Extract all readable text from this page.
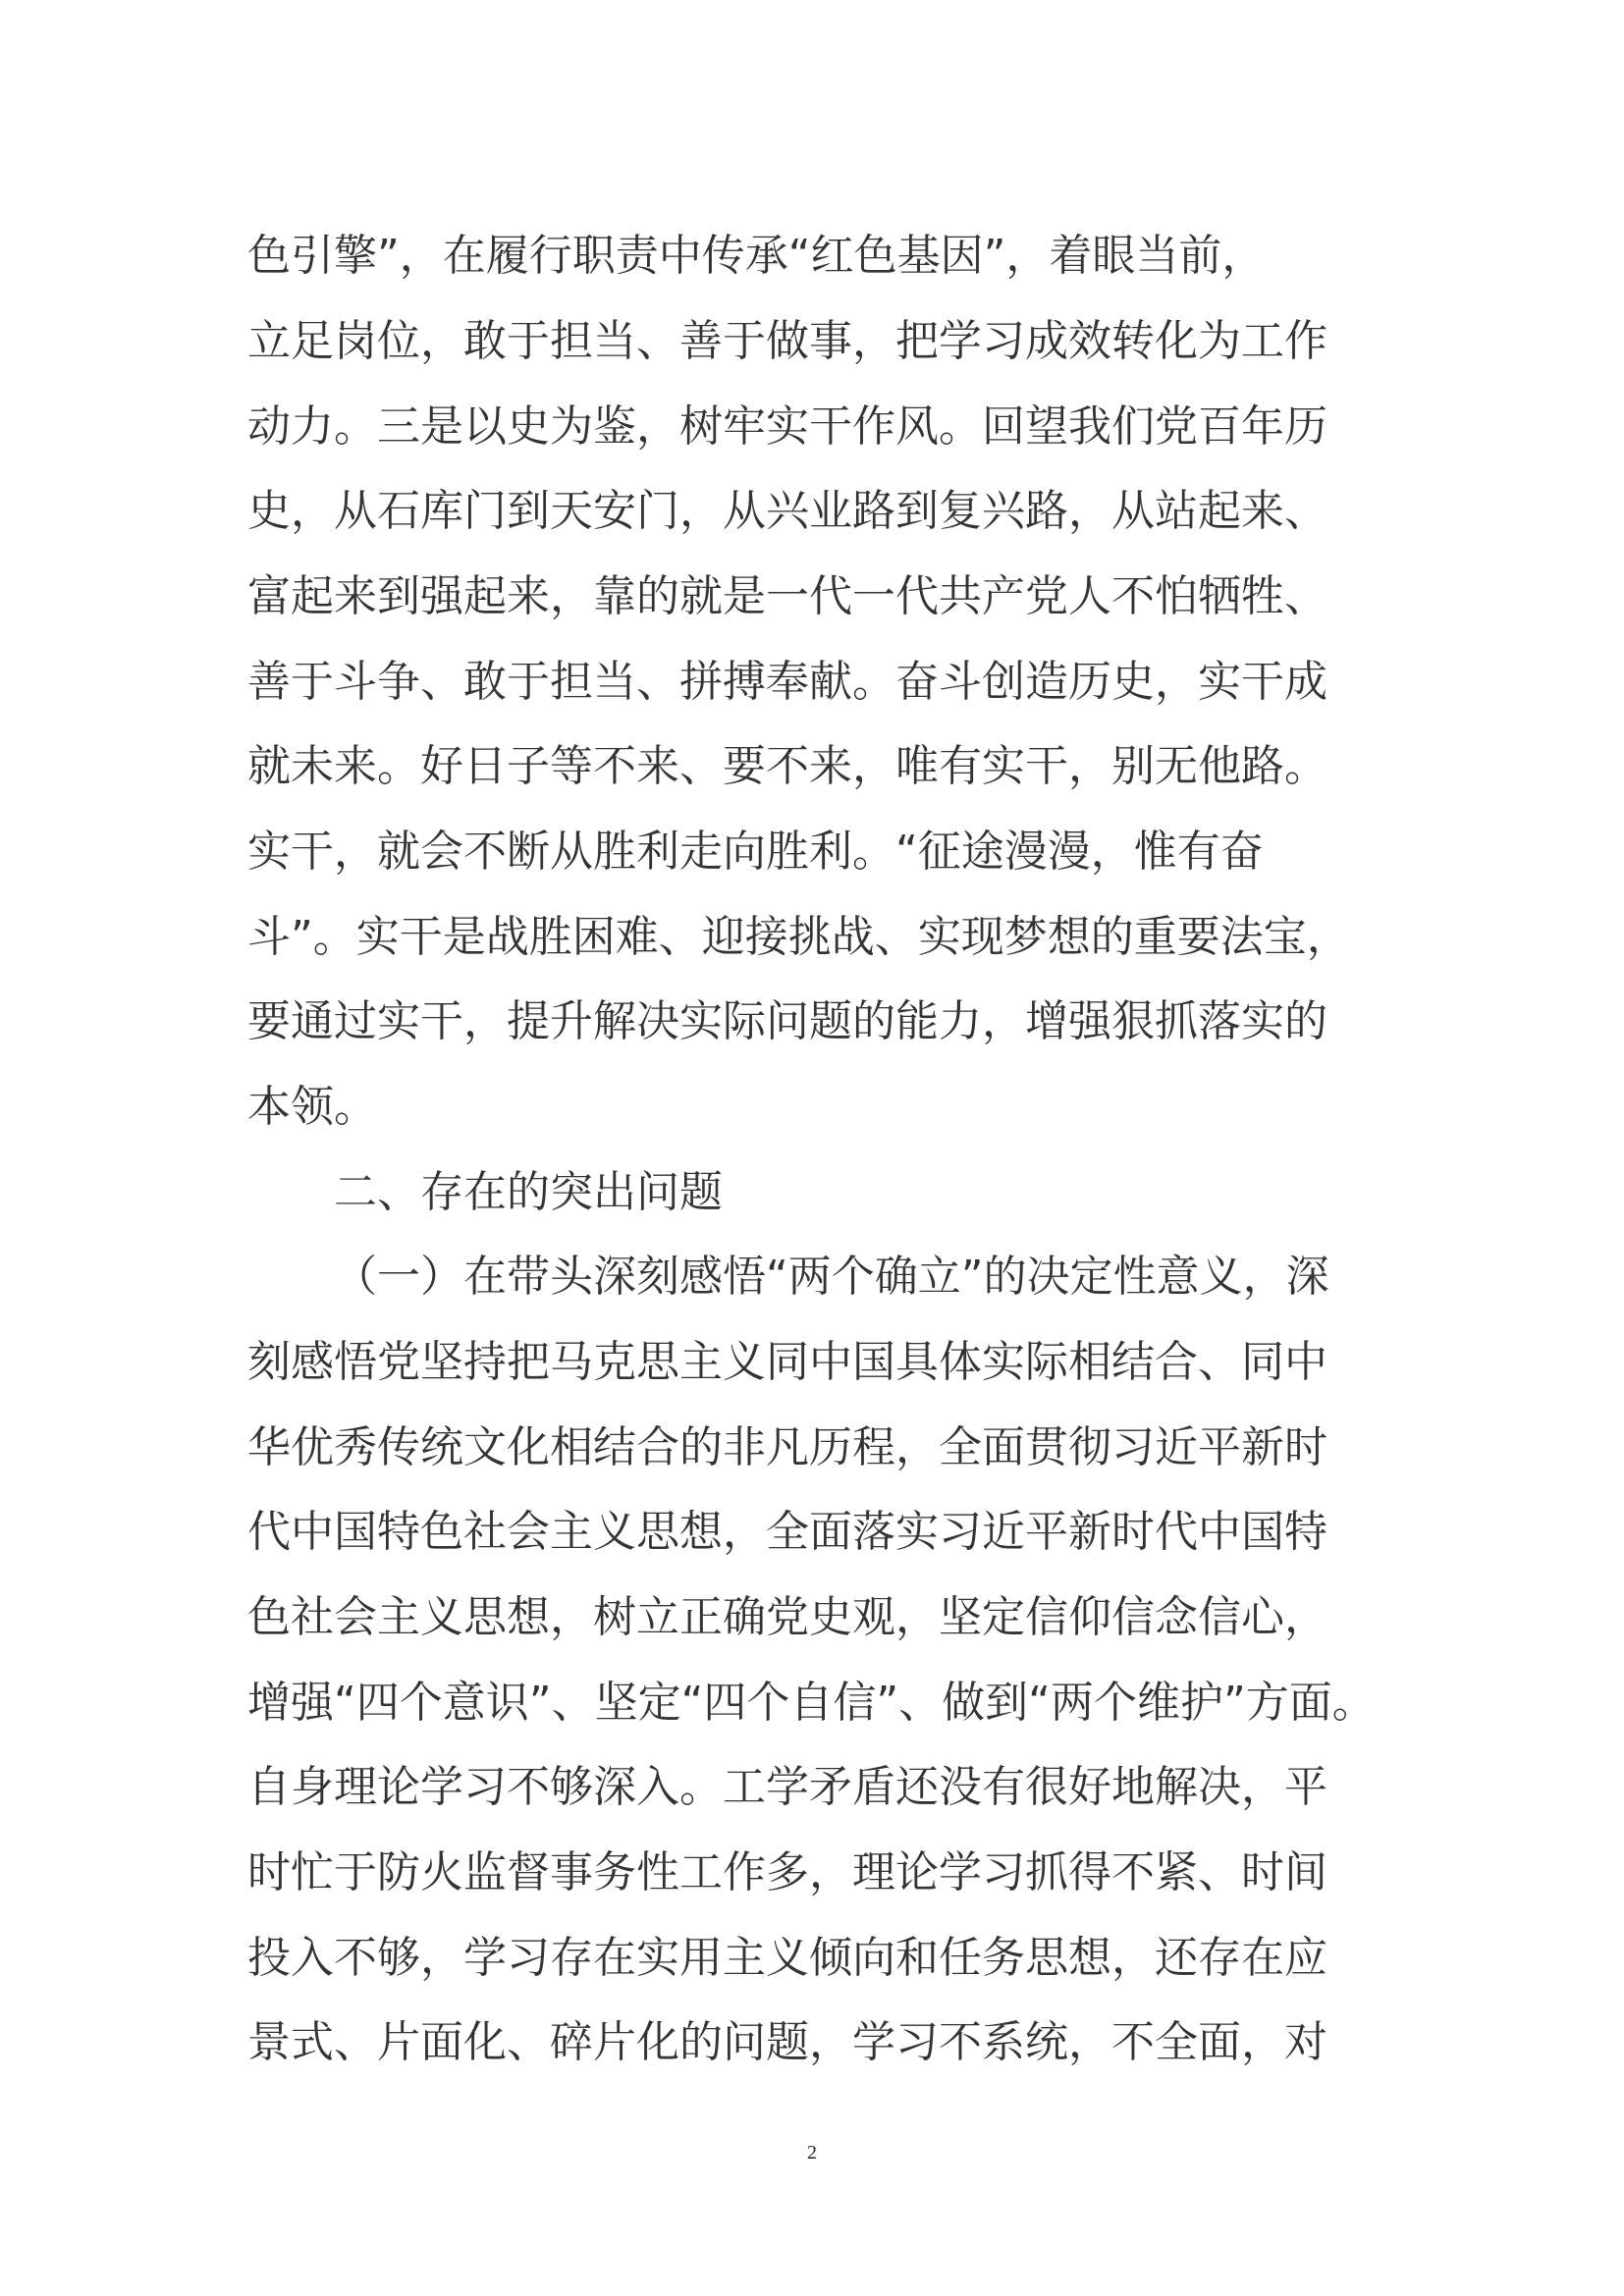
色引擎”，在履行职责中传承“红色基因”，着眼当前，
立足岗位，敢于担当、善于做事，把学习成效转化为工作
动力。三是以史为鉴，树牢实干作风。回望我们党百年历
史，从石库门到天安门，从兴业路到复兴路，从站起来、
富起来到强起来，靠的就是一代一代共产党人不怕牺牲、
善于斗争、敢于担当、拼搏奉献。奋斗创造历史，实干成
就未来。好日子等不来、要不来，唯有实干，别无他路。
实干，就会不断从胜利走向胜利。“征途漫漫，惟有奋
斗”。实干是战胜困难、迎接挑战、实现梦想的重要法宝，
要通过实干，提升解决实际问题的能力，增强狠抓落实的
本领。
二、存在的突出问题
（一）在带头深刻感悟“两个确立”的决定性意义，深
刻感悟党坚持把马克思主义同中国具体实际相结合、同中
华优秀传统文化相结合的非凡历程，全面贯彻习近平新时
代中国特色社会主义思想，全面落实习近平新时代中国特
色社会主义思想，树立正确党史观，坚定信仰信念信心，
增强“四个意识”、坚定“四个自信”、做到“两个维护”方面。
自身理论学习不够深入。工学矛盾还没有很好地解决，平
时忙于防火监督事务性工作多，理论学习抓得不紧、时间
投入不够，学习存在实用主义倾向和任务思想，还存在应
景式、片面化、碎片化的问题，学习不系统，不全面，对
2
